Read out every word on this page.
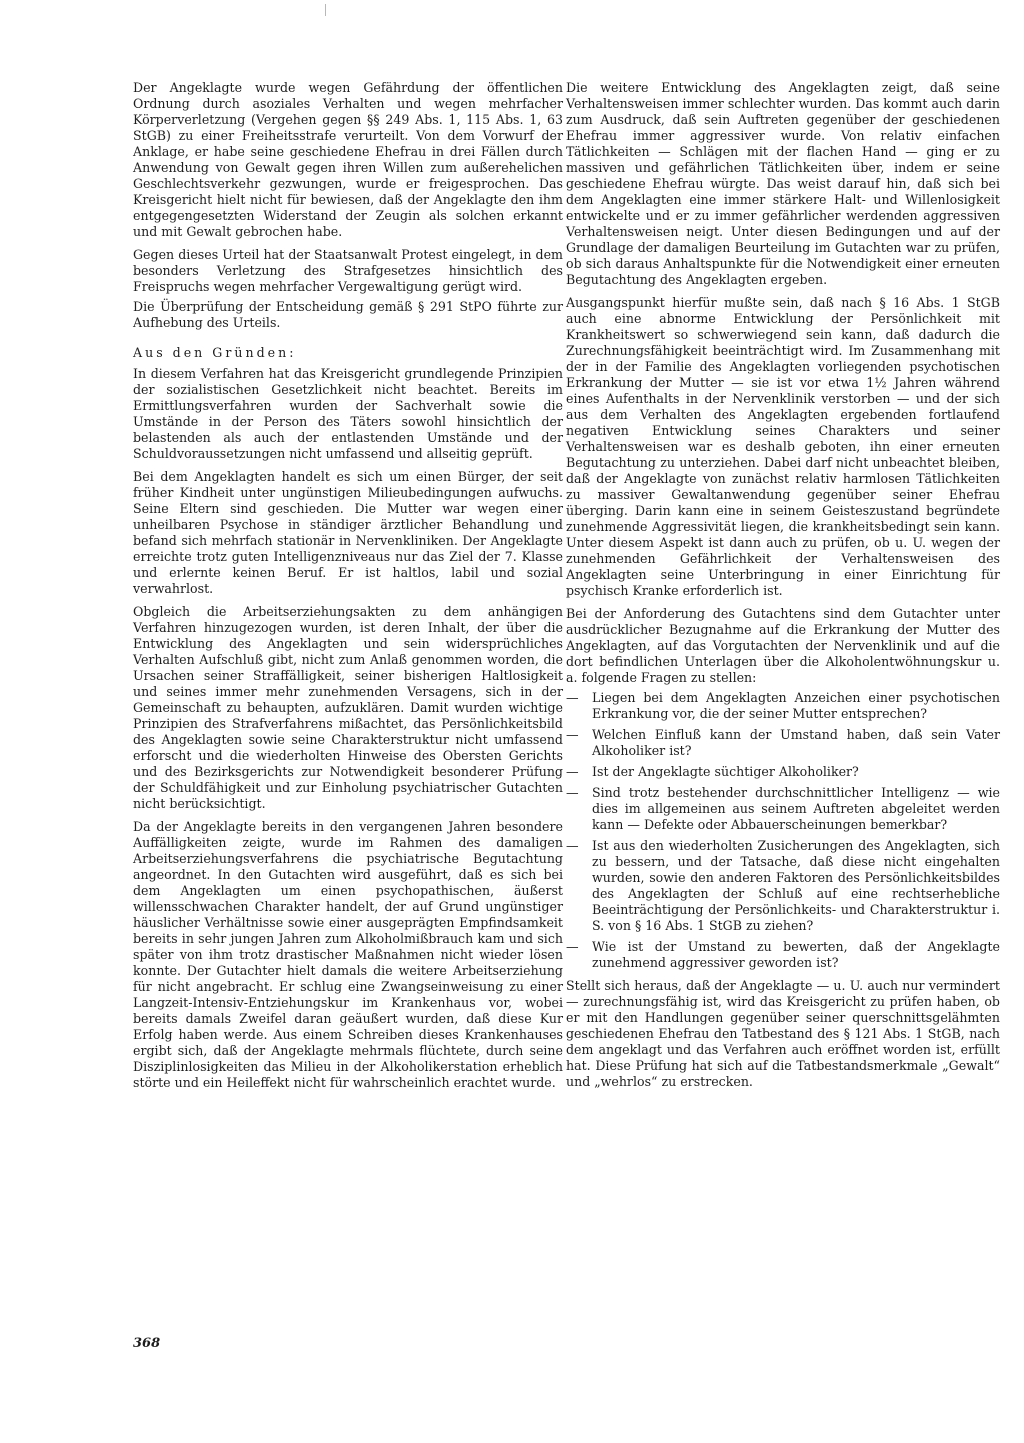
Der Angeklagte wurde wegen Gefährdung der öffentlichen Ordnung durch asoziales Verhalten und wegen mehrfacher Körperverletzung (Vergehen gegen §§ 249 Abs. 1, 115 Abs. 1, 63 StGB) zu einer Freiheitsstrafe verurteilt. Von dem Vorwurf der Anklage, er habe seine geschiedene Ehefrau in drei Fällen durch Anwendung von Gewalt gegen ihren Willen zum außerehelichen Geschlechtsverkehr gezwungen, wurde er freigesprochen. Das Kreisgericht hielt nicht für bewiesen, daß der Angeklagte den ihm entgegengesetzten Widerstand der Zeugin als solchen erkannt und mit Gewalt gebrochen habe.

Gegen dieses Urteil hat der Staatsanwalt Protest eingelegt, in dem besonders Verletzung des Strafgesetzes hinsichtlich des Freispruchs wegen mehrfacher Vergewaltigung gerügt wird.

Die Überprüfung der Entscheidung gemäß § 291 StPO führte zur Aufhebung des Urteils.

Aus den Gründen:

In diesem Verfahren hat das Kreisgericht grundlegende Prinzipien der sozialistischen Gesetzlichkeit nicht beachtet. Bereits im Ermittlungsverfahren wurden der Sachverhalt sowie die Umstände in der Person des Täters sowohl hinsichtlich der belastenden als auch der entlastenden Umstände und der Schuldvoraussetzungen nicht umfassend und allseitig geprüft.

Bei dem Angeklagten handelt es sich um einen Bürger, der seit früher Kindheit unter ungünstigen Milieubedingungen aufwuchs. Seine Eltern sind geschieden. Die Mutter war wegen einer unheilbaren Psychose in ständiger ärztlicher Behandlung und befand sich mehrfach stationär in Nervenkliniken. Der Angeklagte erreichte trotz guten Intelligenzniveaus nur das Ziel der 7. Klasse und erlernte keinen Beruf. Er ist haltlos, labil und sozial verwahrlost.

Obgleich die Arbeitserziehungsakten zu dem anhängigen Verfahren hinzugezogen wurden, ist deren Inhalt, der über die Entwicklung des Angeklagten und sein widersprüchliches Verhalten Aufschluß gibt, nicht zum Anlaß genommen worden, die Ursachen seiner Straffälligkeit, seiner bisherigen Haltlosigkeit und seines immer mehr zunehmenden Versagens, sich in der Gemeinschaft zu behaupten, aufzuklären. Damit wurden wichtige Prinzipien des Strafverfahrens mißachtet, das Persönlichkeitsbild des Angeklagten sowie seine Charakterstruktur nicht umfassend erforscht und die wiederholten Hinweise des Obersten Gerichts und des Bezirksgerichts zur Notwendigkeit besonderer Prüfung der Schuldfähigkeit und zur Einholung psychiatrischer Gutachten nicht berücksichtigt.

Da der Angeklagte bereits in den vergangenen Jahren besondere Auffälligkeiten zeigte, wurde im Rahmen des damaligen Arbeitserziehungsverfahrens die psychiatrische Begutachtung angeordnet. In den Gutachten wird ausgeführt, daß es sich bei dem Angeklagten um einen psychopathischen, äußerst willensschwachen Charakter handelt, der auf Grund ungünstiger häuslicher Verhältnisse sowie einer ausgeprägten Empfindsamkeit bereits in sehr jungen Jahren zum Alkoholmißbrauch kam und sich später von ihm trotz drastischer Maßnahmen nicht wieder lösen konnte. Der Gutachter hielt damals die weitere Arbeitserziehung für nicht angebracht. Er schlug eine Zwangseinweisung zu einer Langzeit-Intensiv-Entziehungskur im Krankenhaus vor, wobei bereits damals Zweifel daran geäußert wurden, daß diese Kur Erfolg haben werde. Aus einem Schreiben dieses Krankenhauses ergibt sich, daß der Angeklagte mehrmals flüchtete, durch seine Disziplinlosigkeiten das Milieu in der Alkoholikerstation erheblich störte und ein Heileffekt nicht für wahrscheinlich erachtet wurde.

Die weitere Entwicklung des Angeklagten zeigt, daß seine Verhaltensweisen immer schlechter wurden. Das kommt auch darin zum Ausdruck, daß sein Auftreten gegenüber der geschiedenen Ehefrau immer aggressiver wurde. Von relativ einfachen Tätlichkeiten — Schlägen mit der flachen Hand — ging er zu massiven und gefährlichen Tätlichkeiten über, indem er seine geschiedene Ehefrau würgte. Das weist darauf hin, daß sich bei dem Angeklagten eine immer stärkere Halt- und Willenlosigkeit entwickelte und er zu immer gefährlicher werdenden aggressiven Verhaltensweisen neigt. Unter diesen Bedingungen und auf der Grundlage der damaligen Beurteilung im Gutachten war zu prüfen, ob sich daraus Anhaltspunkte für die Notwendigkeit einer erneuten Begutachtung des Angeklagten ergeben.

Ausgangspunkt hierfür mußte sein, daß nach § 16 Abs. 1 StGB auch eine abnorme Entwicklung der Persönlichkeit mit Krankheitswert so schwerwiegend sein kann, daß dadurch die Zurechnungsfähigkeit beeinträchtigt wird. Im Zusammenhang mit der in der Familie des Angeklagten vorliegenden psychotischen Erkrankung der Mutter — sie ist vor etwa 1½ Jahren während eines Aufenthalts in der Nervenklinik verstorben — und der sich aus dem Verhalten des Angeklagten ergebenden fortlaufend negativen Entwicklung seines Charakters und seiner Verhaltensweisen war es deshalb geboten, ihn einer erneuten Begutachtung zu unterziehen. Dabei darf nicht unbeachtet bleiben, daß der Angeklagte von zunächst relativ harmlosen Tätlichkeiten zu massiver Gewaltanwendung gegenüber seiner Ehefrau überging. Darin kann eine in seinem Geisteszustand begründete zunehmende Aggressivität liegen, die krankheitsbedingt sein kann. Unter diesem Aspekt ist dann auch zu prüfen, ob u. U. wegen der zunehmenden Gefährlichkeit der Verhaltensweisen des Angeklagten seine Unterbringung in einer Einrichtung für psychisch Kranke erforderlich ist.

Bei der Anforderung des Gutachtens sind dem Gutachter unter ausdrücklicher Bezugnahme auf die Erkrankung der Mutter des Angeklagten, auf das Vorgutachten der Nervenklinik und auf die dort befindlichen Unterlagen über die Alkoholentwöhnungskur u. a. folgende Fragen zu stellen:

— Liegen bei dem Angeklagten Anzeichen einer psychotischen Erkrankung vor, die der seiner Mutter entsprechen?
— Welchen Einfluß kann der Umstand haben, daß sein Vater Alkoholiker ist?
— Ist der Angeklagte süchtiger Alkoholiker?
— Sind trotz bestehender durchschnittlicher Intelligenz — wie dies im allgemeinen aus seinem Auftreten abgeleitet werden kann — Defekte oder Abbauerscheinungen bemerkbar?
— Ist aus den wiederholten Zusicherungen des Angeklagten, sich zu bessern, und der Tatsache, daß diese nicht eingehalten wurden, sowie den anderen Faktoren des Persönlichkeitsbildes des Angeklagten der Schluß auf eine rechtserhebliche Beeinträchtigung der Persönlichkeits- und Charakterstruktur i. S. von § 16 Abs. 1 StGB zu ziehen?
— Wie ist der Umstand zu bewerten, daß der Angeklagte zunehmend aggressiver geworden ist?

Stellt sich heraus, daß der Angeklagte — u. U. auch nur vermindert — zurechnungsfähig ist, wird das Kreisgericht zu prüfen haben, ob er mit den Handlungen gegenüber seiner querschnittsgelähmten geschiedenen Ehefrau den Tatbestand des § 121 Abs. 1 StGB, nach dem angeklagt und das Verfahren auch eröffnet worden ist, erfüllt hat. Diese Prüfung hat sich auf die Tatbestandsmerkmale „Gewalt“ und „wehrlos“ zu erstrecken.

368
